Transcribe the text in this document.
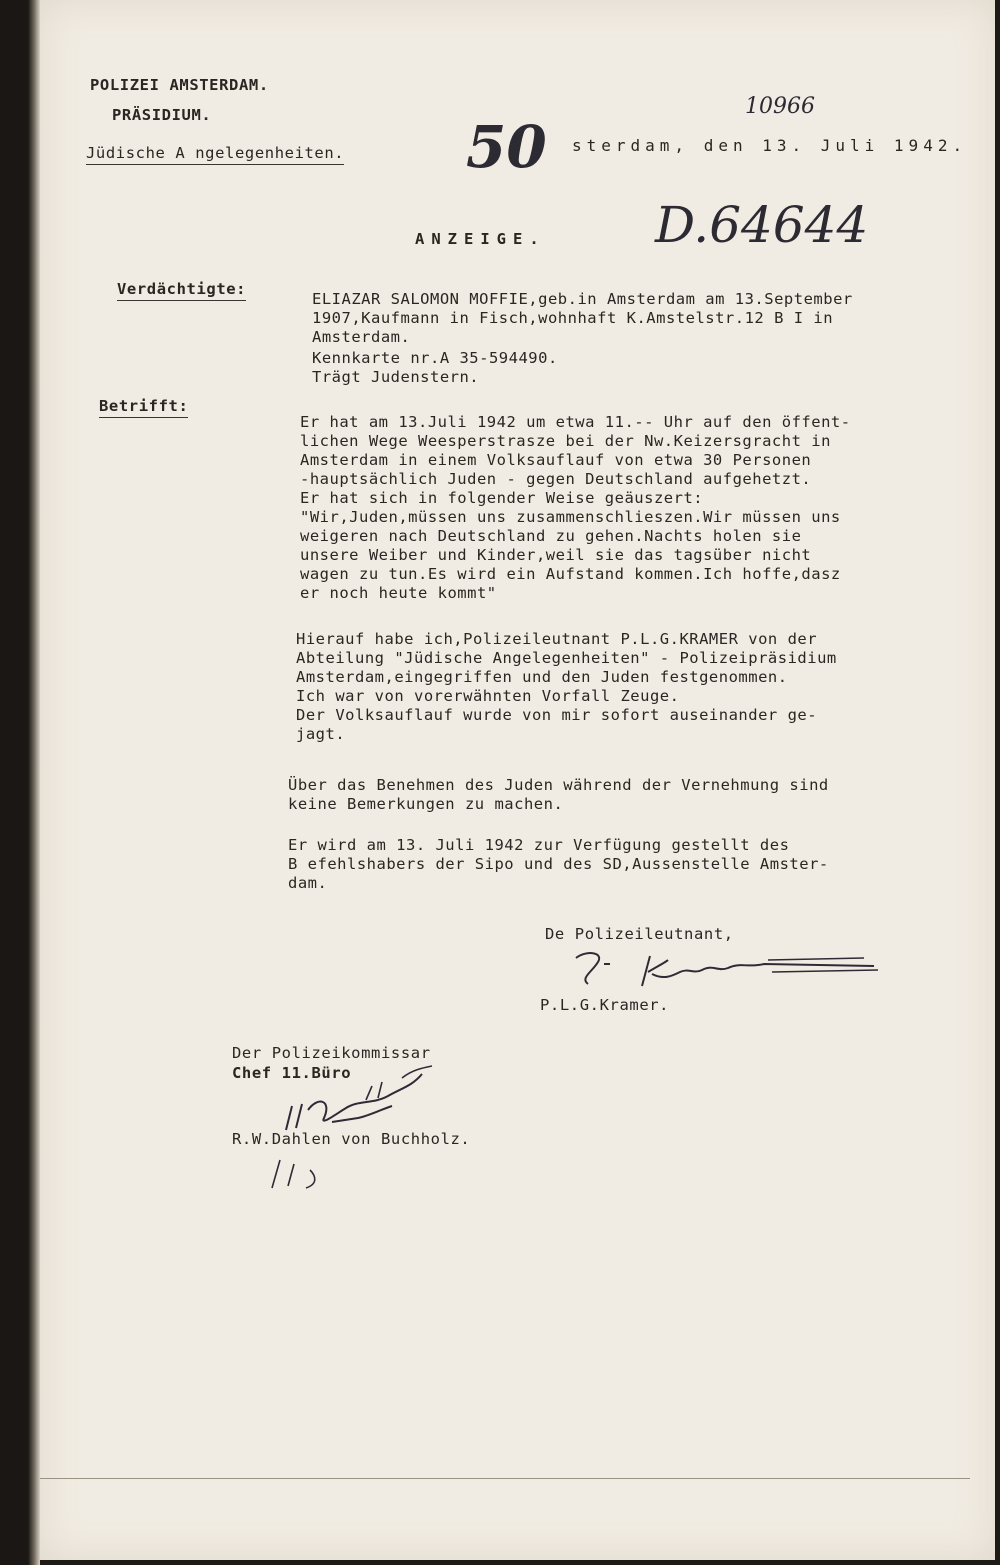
POLIZEI AMSTERDAM.
PRÄSIDIUM.
Jüdische A ngelegenheiten. 50 sterdam, den 13. Juli 1942.
10966
ANZEIGE. D.64644
Verdächtigte:
ELIAZAR SALOMON MOFFIE,geb.in Amsterdam am 13.September
1907,Kaufmann in Fisch,wohnhaft K.Amstelstr.12 B I in
Amsterdam.
Kennkarte nr.A 35-594490.
Trägt Judenstern.
Betrifft:
Er hat am 13.Juli 1942 um etwa 11.-- Uhr auf den öffent-
lichen Wege Weesperstrasze bei der Nw.Keizersgracht in
Amsterdam in einem Volksauflauf von etwa 30 Personen
-hauptsächlich Juden - gegen Deutschland aufgehetzt.
Er hat sich in folgender Weise geäuszert:
"Wir,Juden,müssen uns zusammenschlieszen.Wir müssen uns
weigeren nach Deutschland zu gehen.Nachts holen sie
unsere Weiber und Kinder,weil sie das tagsüber nicht
wagen zu tun.Es wird ein Aufstand kommen.Ich hoffe,dasz
er noch heute kommt"
Hierauf habe ich,Polizeileutnant P.L.G.KRAMER von der
Abteilung "Jüdische Angelegenheiten" - Polizeipräsidium
Amsterdam,eingegriffen und den Juden festgenommen.
Ich war von vorerwähnten Vorfall Zeuge.
Der Volksauflauf wurde von mir sofort auseinander ge-
jagt.
Über das Benehmen des Juden während der Vernehmung sind
keine Bemerkungen zu machen.
Er wird am 13. Juli 1942 zur Verfügung gestellt des
B efehlshabers der Sipo und des SD,Aussenstelle Amster-
dam.
De Polizeileutnant,
P.L.G.Kramer.
Der Polizeikommissar
Chef 11.Büro
R.W.Dahlen von Buchholz.
